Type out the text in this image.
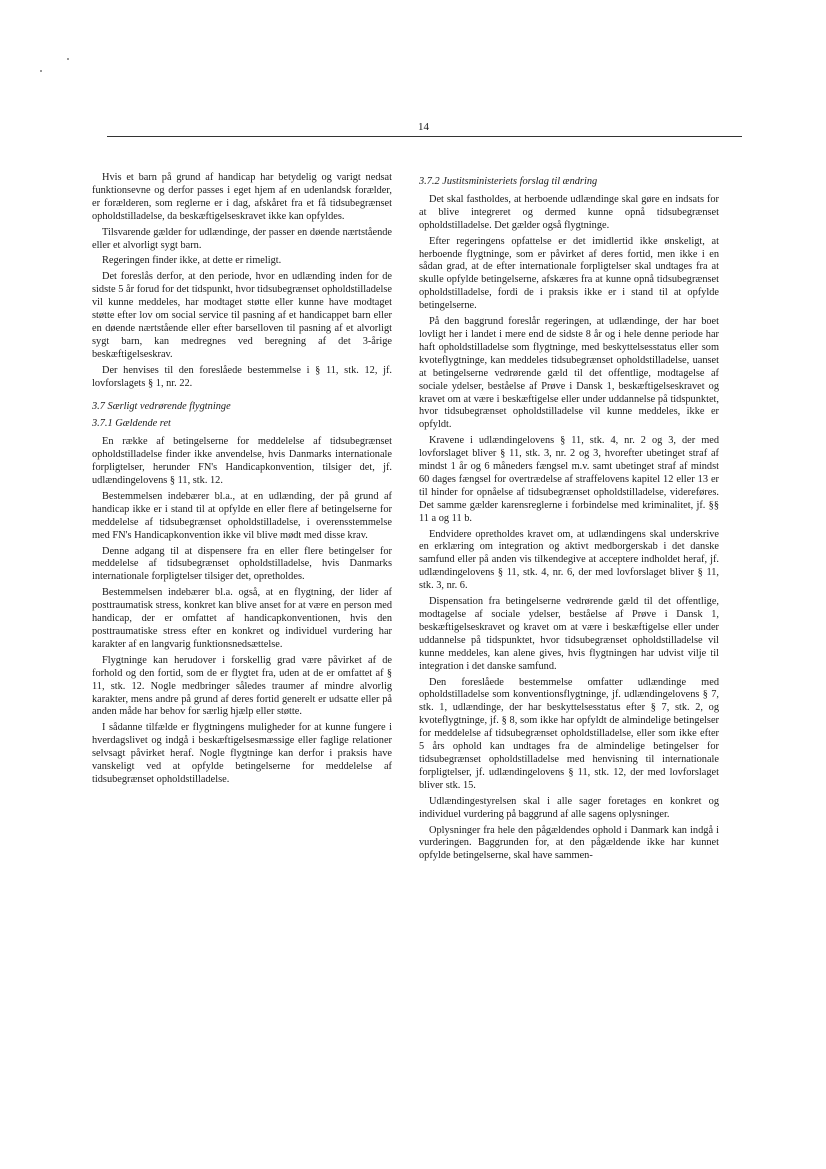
14

Hvis et barn på grund af handicap har betydelig og varigt nedsat funktionsevne og derfor passes i eget hjem af en udenlandsk forælder, er forælderen, som reglerne er i dag, afskåret fra et få tidsubegrænset opholdstilladelse, da beskæftigelseskravet ikke kan opfyldes.

Tilsvarende gælder for udlændinge, der passer en døende nærtstående eller et alvorligt sygt barn.

Regeringen finder ikke, at dette er rimeligt.

Det foreslås derfor, at den periode, hvor en udlænding inden for de sidste 5 år forud for det tidspunkt, hvor tidsubegrænset opholdstilladelse vil kunne meddeles, har modtaget støtte eller kunne have modtaget støtte efter lov om social service til pasning af et handicappet barn eller en døende nærtstående eller efter barselloven til pasning af et alvorligt sygt barn, kan medregnes ved beregning af det 3-årige beskæftigelseskrav.

Der henvises til den foreslåede bestemmelse i § 11, stk. 12, jf. lovforslagets § 1, nr. 22.

3.7 Særligt vedrørende flygtninge
3.7.1 Gældende ret

En række af betingelserne for meddelelse af tidsubegrænset opholdstilladelse finder ikke anvendelse, hvis Danmarks internationale forpligtelser, herunder FN's Handicapkonvention, tilsiger det, jf. udlændingelovens § 11, stk. 12.

Bestemmelsen indebærer bl.a., at en udlænding, der på grund af handicap ikke er i stand til at opfylde en eller flere af betingelserne for meddelelse af tidsubegrænset opholdstilladelse, i overensstemmelse med FN's Handicapkonvention ikke vil blive mødt med disse krav.

Denne adgang til at dispensere fra en eller flere betingelser for meddelelse af tidsubegrænset opholdstilladelse, hvis Danmarks internationale forpligtelser tilsiger det, opretholdes.

Bestemmelsen indebærer bl.a. også, at en flygtning, der lider af posttraumatisk stress, konkret kan blive anset for at være en person med handicap, der er omfattet af handicapkonventionen, hvis den posttraumatiske stress efter en konkret og individuel vurdering har karakter af en langvarig funktionsnedsættelse.

Flygtninge kan herudover i forskellig grad være påvirket af de forhold og den fortid, som de er flygtet fra, uden at de er omfattet af § 11, stk. 12. Nogle medbringer således traumer af mindre alvorlig karakter, mens andre på grund af deres fortid generelt er udsatte eller på anden måde har behov for særlig hjælp eller støtte.

I sådanne tilfælde er flygtningens muligheder for at kunne fungere i hverdagslivet og indgå i beskæftigelsesmæssige eller faglige relationer selvsagt påvirket heraf. Nogle flygtninge kan derfor i praksis have vanskeligt ved at opfylde betingelserne for meddelelse af tidsubegrænset opholdstilladelse.

3.7.2 Justitsministeriets forslag til ændring

Det skal fastholdes, at herboende udlændinge skal gøre en indsats for at blive integreret og dermed kunne opnå tidsubegrænset opholdstilladelse. Det gælder også flygtninge.

Efter regeringens opfattelse er det imidlertid ikke ønskeligt, at herboende flygtninge, som er påvirket af deres fortid, men ikke i en sådan grad, at de efter internationale forpligtelser skal undtages fra at skulle opfylde betingelserne, afskæres fra at kunne opnå tidsubegrænset opholdstilladelse, fordi de i praksis ikke er i stand til at opfylde betingelserne.

På den baggrund foreslår regeringen, at udlændinge, der har boet lovligt her i landet i mere end de sidste 8 år og i hele denne periode har haft opholdstilladelse som flygtninge, med beskyttelsesstatus eller som kvoteflygtninge, kan meddeles tidsubegrænset opholdstilladelse, uanset at betingelserne vedrørende gæld til det offentlige, modtagelse af sociale ydelser, beståelse af Prøve i Dansk 1, beskæftigelseskravet og kravet om at være i beskæftigelse eller under uddannelse på tidspunktet, hvor tidsubegrænset opholdstilladelse vil kunne meddeles, ikke er opfyldt.

Kravene i udlændingelovens § 11, stk. 4, nr. 2 og 3, der med lovforslaget bliver § 11, stk. 3, nr. 2 og 3, hvorefter ubetinget straf af mindst 1 år og 6 måneders fængsel m.v. samt ubetinget straf af mindst 60 dages fængsel for overtrædelse af straffelovens kapitel 12 eller 13 er til hinder for opnåelse af tidsubegrænset opholdstilladelse, videreføres. Det samme gælder karensreglerne i forbindelse med kriminalitet, jf. §§ 11 a og 11 b.

Endvidere opretholdes kravet om, at udlændingens skal underskrive en erklæring om integration og aktivt medborgerskab i det danske samfund eller på anden vis tilkendegive at acceptere indholdet heraf, jf. udlændingelovens § 11, stk. 4, nr. 6, der med lovforslaget bliver § 11, stk. 3, nr. 6.

Dispensation fra betingelserne vedrørende gæld til det offentlige, modtagelse af sociale ydelser, beståelse af Prøve i Dansk 1, beskæftigelseskravet og kravet om at være i beskæftigelse eller under uddannelse på tidspunktet, hvor tidsubegrænset opholdstilladelse vil kunne meddeles, kan alene gives, hvis flygtningen har udvist vilje til integration i det danske samfund.

Den foreslåede bestemmelse omfatter udlændinge med opholdstilladelse som konventionsflygtninge, jf. udlændingelovens § 7, stk. 1, udlændinge, der har beskyttelsesstatus efter § 7, stk. 2, og kvoteflygtninge, jf. § 8, som ikke har opfyldt de almindelige betingelser for meddelelse af tidsubegrænset opholdstilladelse, eller som ikke efter 5 års ophold kan undtages fra de almindelige betingelser for tidsubegrænset opholdstilladelse med henvisning til internationale forpligtelser, jf. udlændingelovens § 11, stk. 12, der med lovforslaget bliver stk. 15.

Udlændingestyrelsen skal i alle sager foretages en konkret og individuel vurdering på baggrund af alle sagens oplysninger.

Oplysninger fra hele den pågældendes ophold i Danmark kan indgå i vurderingen. Baggrunden for, at den pågældende ikke har kunnet opfylde betingelserne, skal have sammen-
